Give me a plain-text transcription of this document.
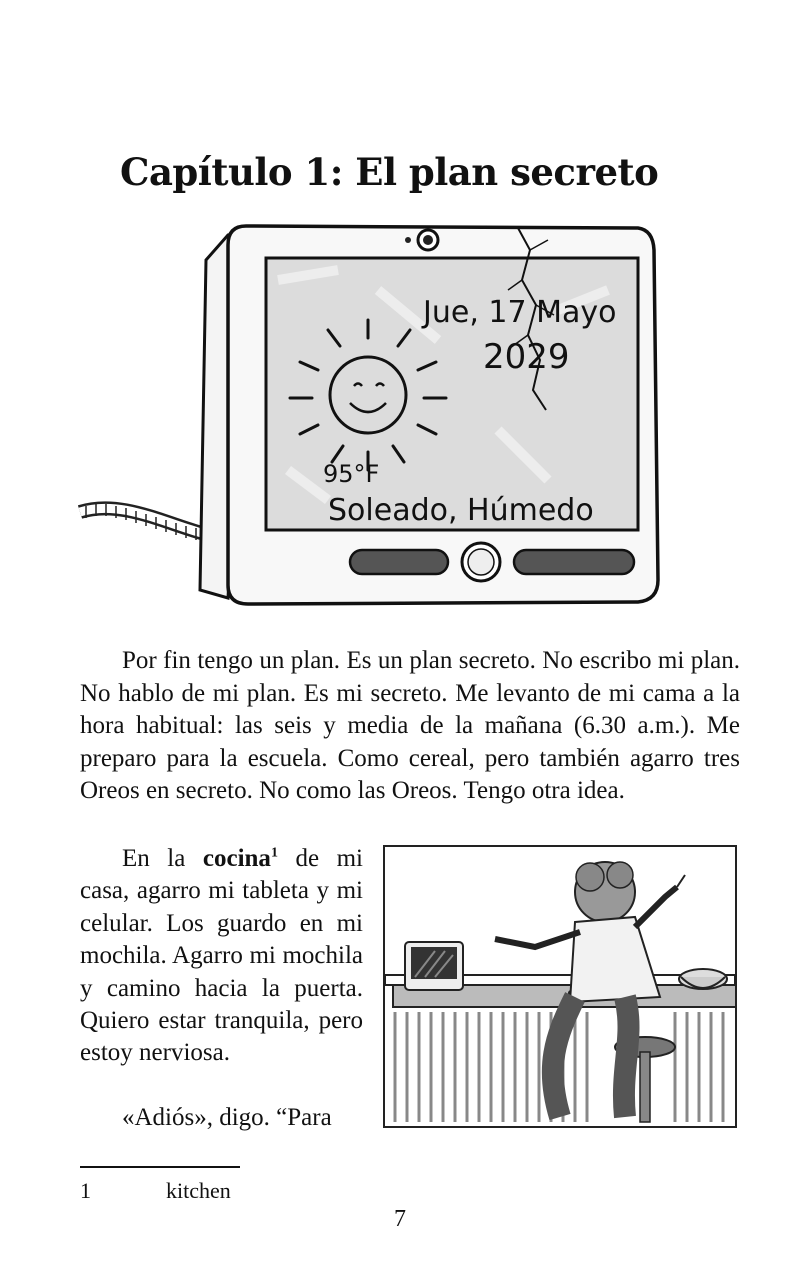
Capítulo 1: El plan secreto
Jue, 17 Mayo
2029
95°F
Soleado, Húmedo

Por fin tengo un plan. Es un plan secreto. No escribo mi plan. No hablo de mi plan. Es mi secreto. Me levanto de mi cama a la hora habitual: las seis y media de la mañana (6.30 a.m.). Me preparo para la escuela. Como cereal, pero también agarro tres Oreos en secreto. No como las Oreos. Tengo otra idea.

En la cocina$^1$ de mi casa, agarro mi tableta y mi celular. Los guardo en mi mochila. Agarro mi mochila y camino hacia la puerta. Quiero estar tranquila, pero estoy nerviosa.

«Adiós», digo. “Para

1	kitchen
7
